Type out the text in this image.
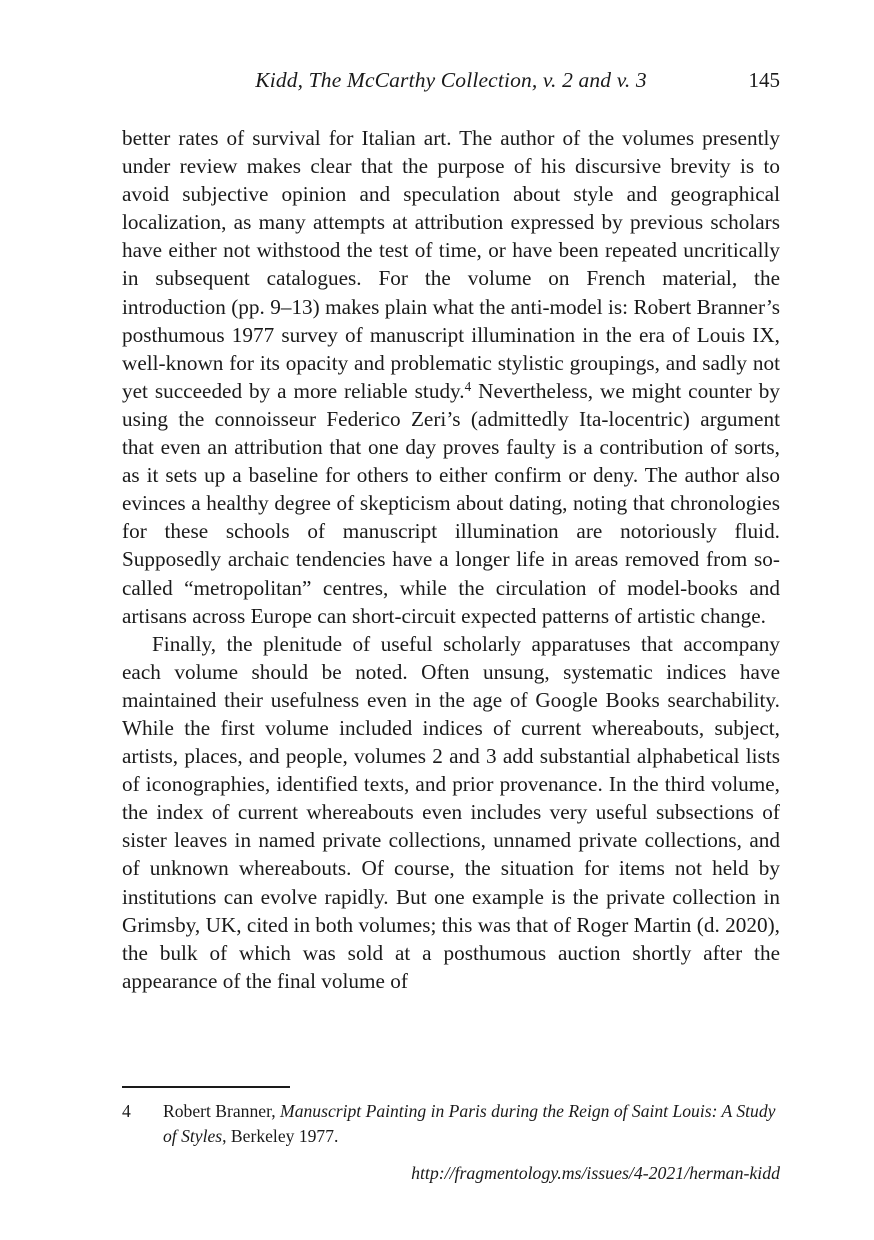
Kidd, The McCarthy Collection, v. 2 and v. 3	145

better rates of survival for Italian art. The author of the volumes presently under review makes clear that the purpose of his discursive brevity is to avoid subjective opinion and speculation about style and geographical localization, as many attempts at attribution expressed by previous scholars have either not withstood the test of time, or have been repeated uncritically in subsequent catalogues. For the volume on French material, the introduction (pp. 9–13) makes plain what the anti-model is: Robert Branner’s posthumous 1977 survey of manuscript illumination in the era of Louis IX, well-known for its opacity and problematic stylistic groupings, and sadly not yet succeeded by a more reliable study.$^4$ Nevertheless, we might counter by using the connoisseur Federico Zeri’s (admittedly Ita-locentric) argument that even an attribution that one day proves faulty is a contribution of sorts, as it sets up a baseline for others to either confirm or deny. The author also evinces a healthy degree of skepticism about dating, noting that chronologies for these schools of manuscript illumination are notoriously fluid. Supposedly archaic tendencies have a longer life in areas removed from so-called “metropolitan” centres, while the circulation of model-books and artisans across Europe can short-circuit expected patterns of artistic change.

Finally, the plenitude of useful scholarly apparatuses that accompany each volume should be noted. Often unsung, systematic indices have maintained their usefulness even in the age of Google Books searchability. While the first volume included indices of current whereabouts, subject, artists, places, and people, volumes 2 and 3 add substantial alphabetical lists of iconographies, identified texts, and prior provenance. In the third volume, the index of current whereabouts even includes very useful subsections of sister leaves in named private collections, unnamed private collections, and of unknown whereabouts. Of course, the situation for items not held by institutions can evolve rapidly. But one example is the private collection in Grimsby, UK, cited in both volumes; this was that of Roger Martin (d. 2020), the bulk of which was sold at a posthumous auction shortly after the appearance of the final volume of

4	Robert Branner, Manuscript Painting in Paris during the Reign of Saint Louis: A Study of Styles, Berkeley 1977.
http://fragmentology.ms/issues/4-2021/herman-kidd
